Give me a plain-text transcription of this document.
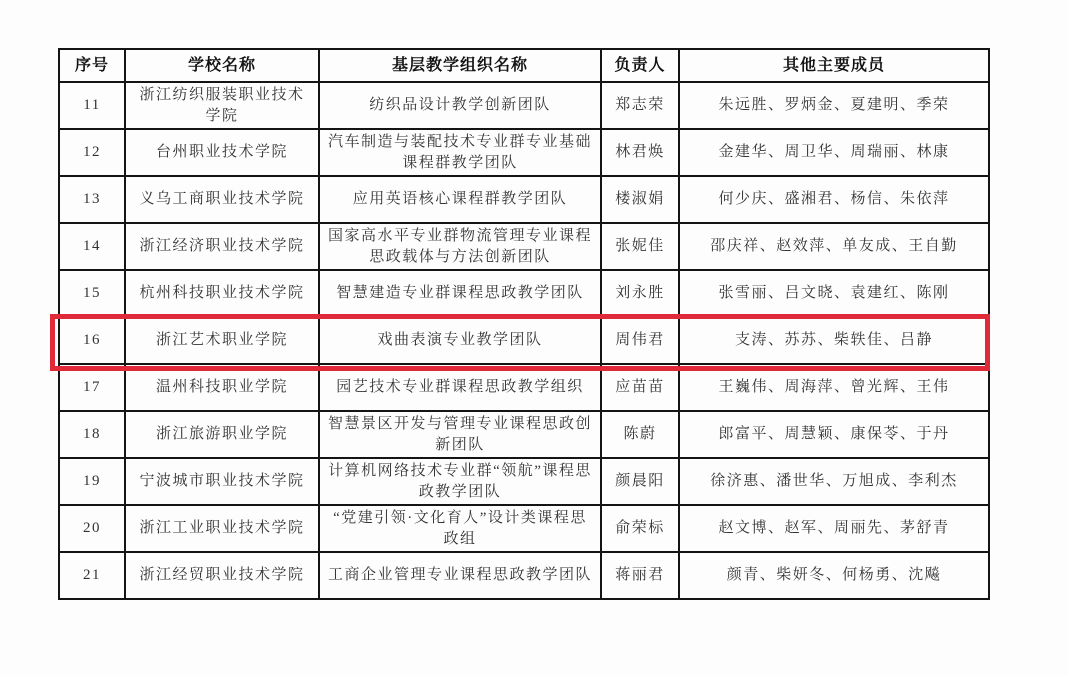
序号	学校名称	基层教学组织名称	负责人	其他主要成员
11	浙江纺织服装职业技术学院	纺织品设计教学创新团队	郑志荣	朱远胜、罗炳金、夏建明、季荣
12	台州职业技术学院	汽车制造与装配技术专业群专业基础课程群教学团队	林君焕	金建华、周卫华、周瑞丽、林康
13	义乌工商职业技术学院	应用英语核心课程群教学团队	楼淑娟	何少庆、盛湘君、杨信、朱依萍
14	浙江经济职业技术学院	国家高水平专业群物流管理专业课程思政载体与方法创新团队	张妮佳	邵庆祥、赵效萍、单友成、王自勤
15	杭州科技职业技术学院	智慧建造专业群课程思政教学团队	刘永胜	张雪丽、吕文晓、袁建红、陈刚
16	浙江艺术职业学院	戏曲表演专业教学团队	周伟君	支涛、苏苏、柴轶佳、吕静
17	温州科技职业学院	园艺技术专业群课程思政教学组织	应苗苗	王巍伟、周海萍、曾光辉、王伟
18	浙江旅游职业学院	智慧景区开发与管理专业课程思政创新团队	陈蔚	郎富平、周慧颖、康保苓、于丹
19	宁波城市职业技术学院	计算机网络技术专业群“领航”课程思政教学团队	颜晨阳	徐济惠、潘世华、万旭成、李利杰
20	浙江工业职业技术学院	“党建引领·文化育人”设计类课程思政组	俞荣标	赵文博、赵军、周丽先、茅舒青
21	浙江经贸职业技术学院	工商企业管理专业课程思政教学团队	蒋丽君	颜青、柴妍冬、何杨勇、沈飚
